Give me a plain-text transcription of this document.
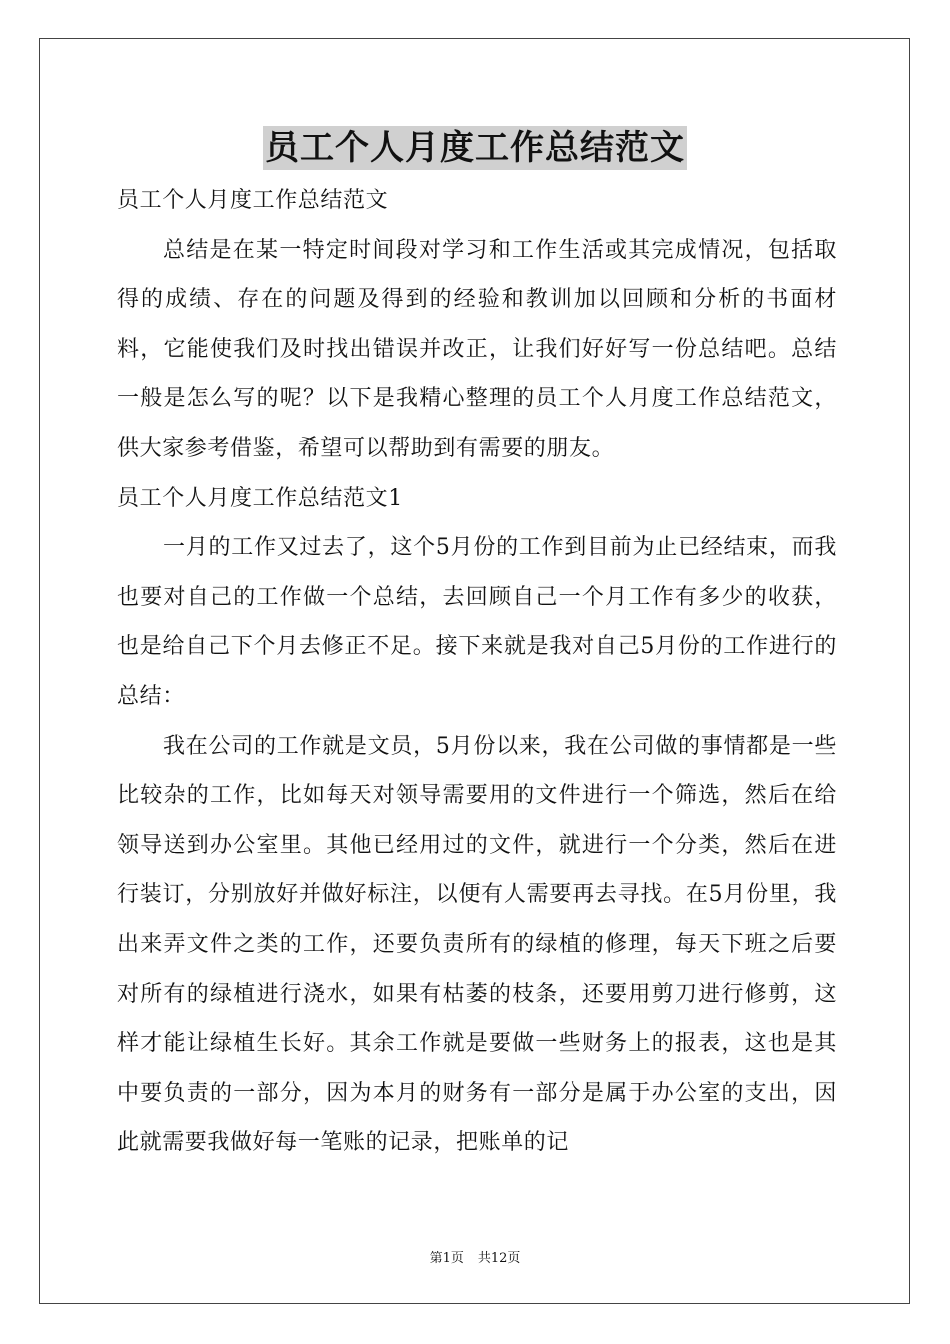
员工个人月度工作总结范文

员工个人月度工作总结范文

总结是在某一特定时间段对学习和工作生活或其完成情况，包括取得的成绩、存在的问题及得到的经验和教训加以回顾和分析的书面材料，它能使我们及时找出错误并改正，让我们好好写一份总结吧。总结一般是怎么写的呢？以下是我精心整理的员工个人月度工作总结范文，供大家参考借鉴，希望可以帮助到有需要的朋友。

员工个人月度工作总结范文1

一月的工作又过去了，这个5月份的工作到目前为止已经结束，而我也要对自己的工作做一个总结，去回顾自己一个月工作有多少的收获，也是给自己下个月去修正不足。接下来就是我对自己5月份的工作进行的总结：

我在公司的工作就是文员，5月份以来，我在公司做的事情都是一些比较杂的工作，比如每天对领导需要用的文件进行一个筛选，然后在给领导送到办公室里。其他已经用过的文件，就进行一个分类，然后在进行装订，分别放好并做好标注，以便有人需要再去寻找。在5月份里，我出来弄文件之类的工作，还要负责所有的绿植的修理，每天下班之后要对所有的绿植进行浇水，如果有枯萎的枝条，还要用剪刀进行修剪，这样才能让绿植生长好。其余工作就是要做一些财务上的报表，这也是其中要负责的一部分，因为本月的财务有一部分是属于办公室的支出，因此就需要我做好每一笔账的记录，把账单的记

第1页 共12页
